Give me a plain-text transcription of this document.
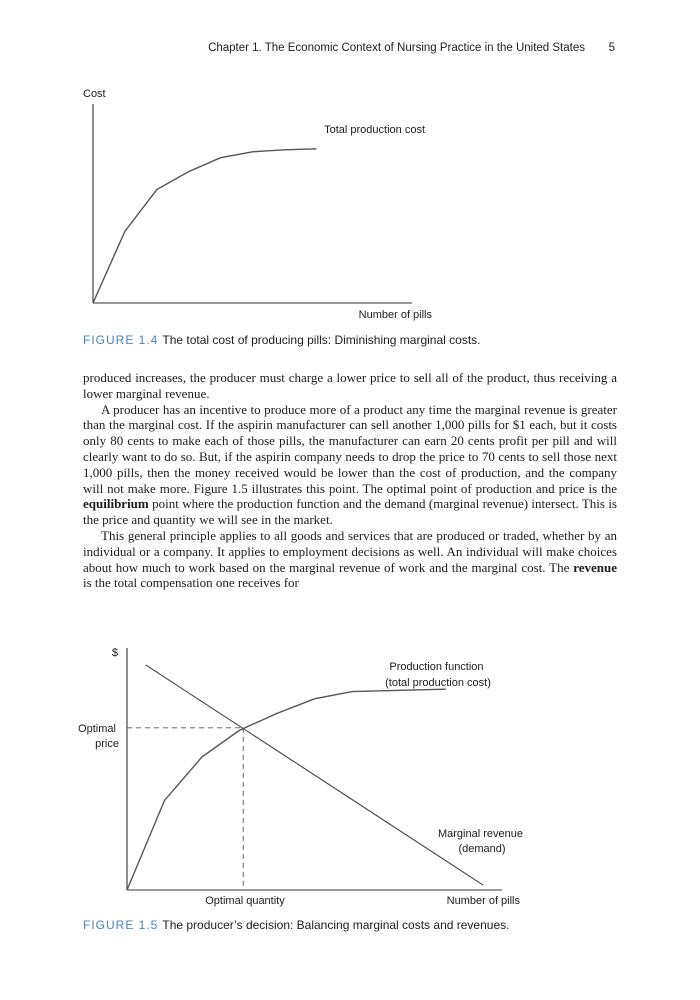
Chapter 1. The Economic Context of Nursing Practice in the United States 5
Cost
Number of pills
Total production cost
FIGURE 1.4 The total cost of producing pills: Diminishing marginal costs.

produced increases, the producer must charge a lower price to sell all of the product, thus receiving a lower marginal revenue.

A producer has an incentive to produce more of a product any time the marginal revenue is greater than the marginal cost. If the aspirin manufacturer can sell another 1,000 pills for $1 each, but it costs only 80 cents to make each of those pills, the manufacturer can earn 20 cents profit per pill and will clearly want to do so. But, if the aspirin company needs to drop the price to 70 cents to sell those next 1,000 pills, then the money received would be lower than the cost of production, and the company will not make more. Figure 1.5 illustrates this point. The optimal point of production and price is the equilibrium point where the production function and the demand (marginal revenue) intersect. This is the price and quantity we will see in the market.

This general principle applies to all goods and services that are produced or traded, whether by an individual or a company. It applies to employment decisions as well. An individual will make choices about how much to work based on the marginal revenue of work and the marginal cost. The revenue is the total compensation one receives for

$
Optimal price
Optimal quantity	Number of pills
Production function (total production cost)
Marginal revenue (demand)
FIGURE 1.5 The producer’s decision: Balancing marginal costs and revenues.
